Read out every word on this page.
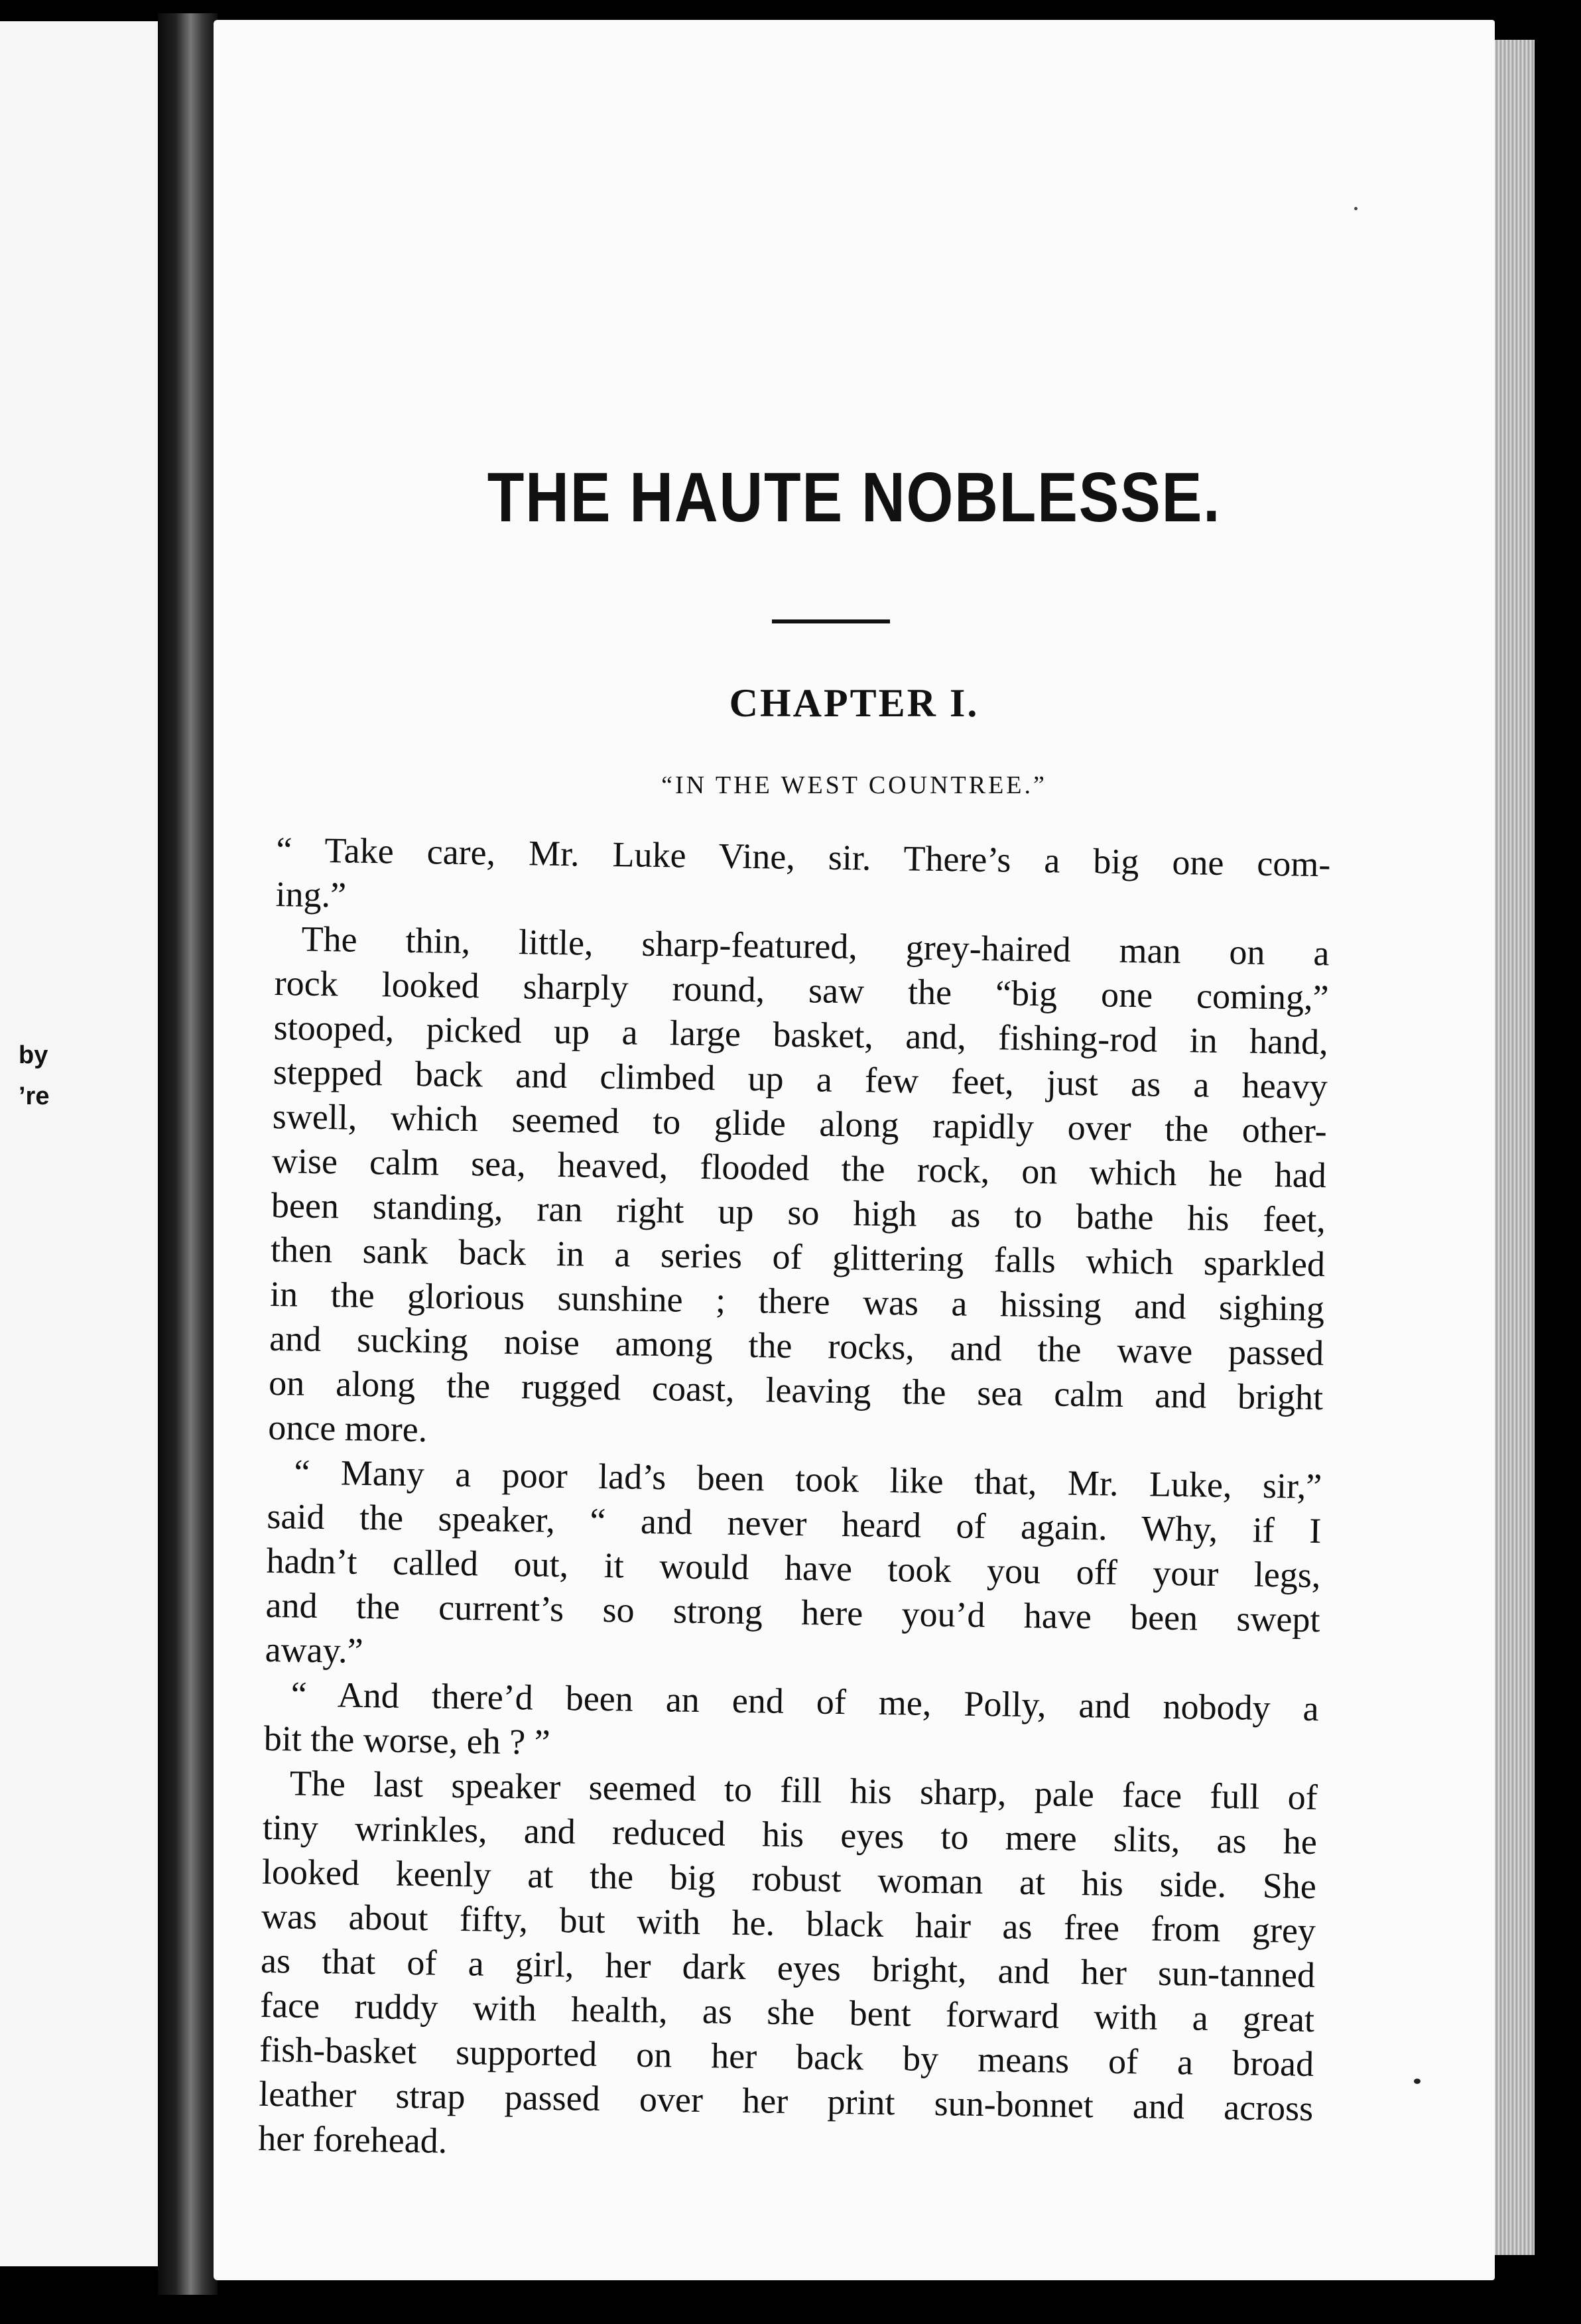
by
’re
THE HAUTE NOBLESSE.
CHAPTER I.
“IN THE WEST COUNTREE.”
“ Take care, Mr. Luke Vine, sir. There’s a big one com-
ing.”
The thin, little, sharp-featured, grey-haired man on a
rock looked sharply round, saw the “big one coming,”
stooped, picked up a large basket, and, fishing-rod in hand,
stepped back and climbed up a few feet, just as a heavy
swell, which seemed to glide along rapidly over the other-
wise calm sea, heaved, flooded the rock, on which he had
been standing, ran right up so high as to bathe his feet,
then sank back in a series of glittering falls which sparkled
in the glorious sunshine ; there was a hissing and sighing
and sucking noise among the rocks, and the wave passed
on along the rugged coast, leaving the sea calm and bright
once more.
“ Many a poor lad’s been took like that, Mr. Luke, sir,”
said the speaker, “ and never heard of again. Why, if I
hadn’t called out, it would have took you off your legs,
and the current’s so strong here you’d have been swept
away.”
“ And there’d been an end of me, Polly, and nobody a
bit the worse, eh ? ”
The last speaker seemed to fill his sharp, pale face full of
tiny wrinkles, and reduced his eyes to mere slits, as he
looked keenly at the big robust woman at his side. She
was about fifty, but with he. black hair as free from grey
as that of a girl, her dark eyes bright, and her sun-tanned
face ruddy with health, as she bent forward with a great
fish-basket supported on her back by means of a broad
leather strap passed over her print sun-bonnet and across
her forehead.
